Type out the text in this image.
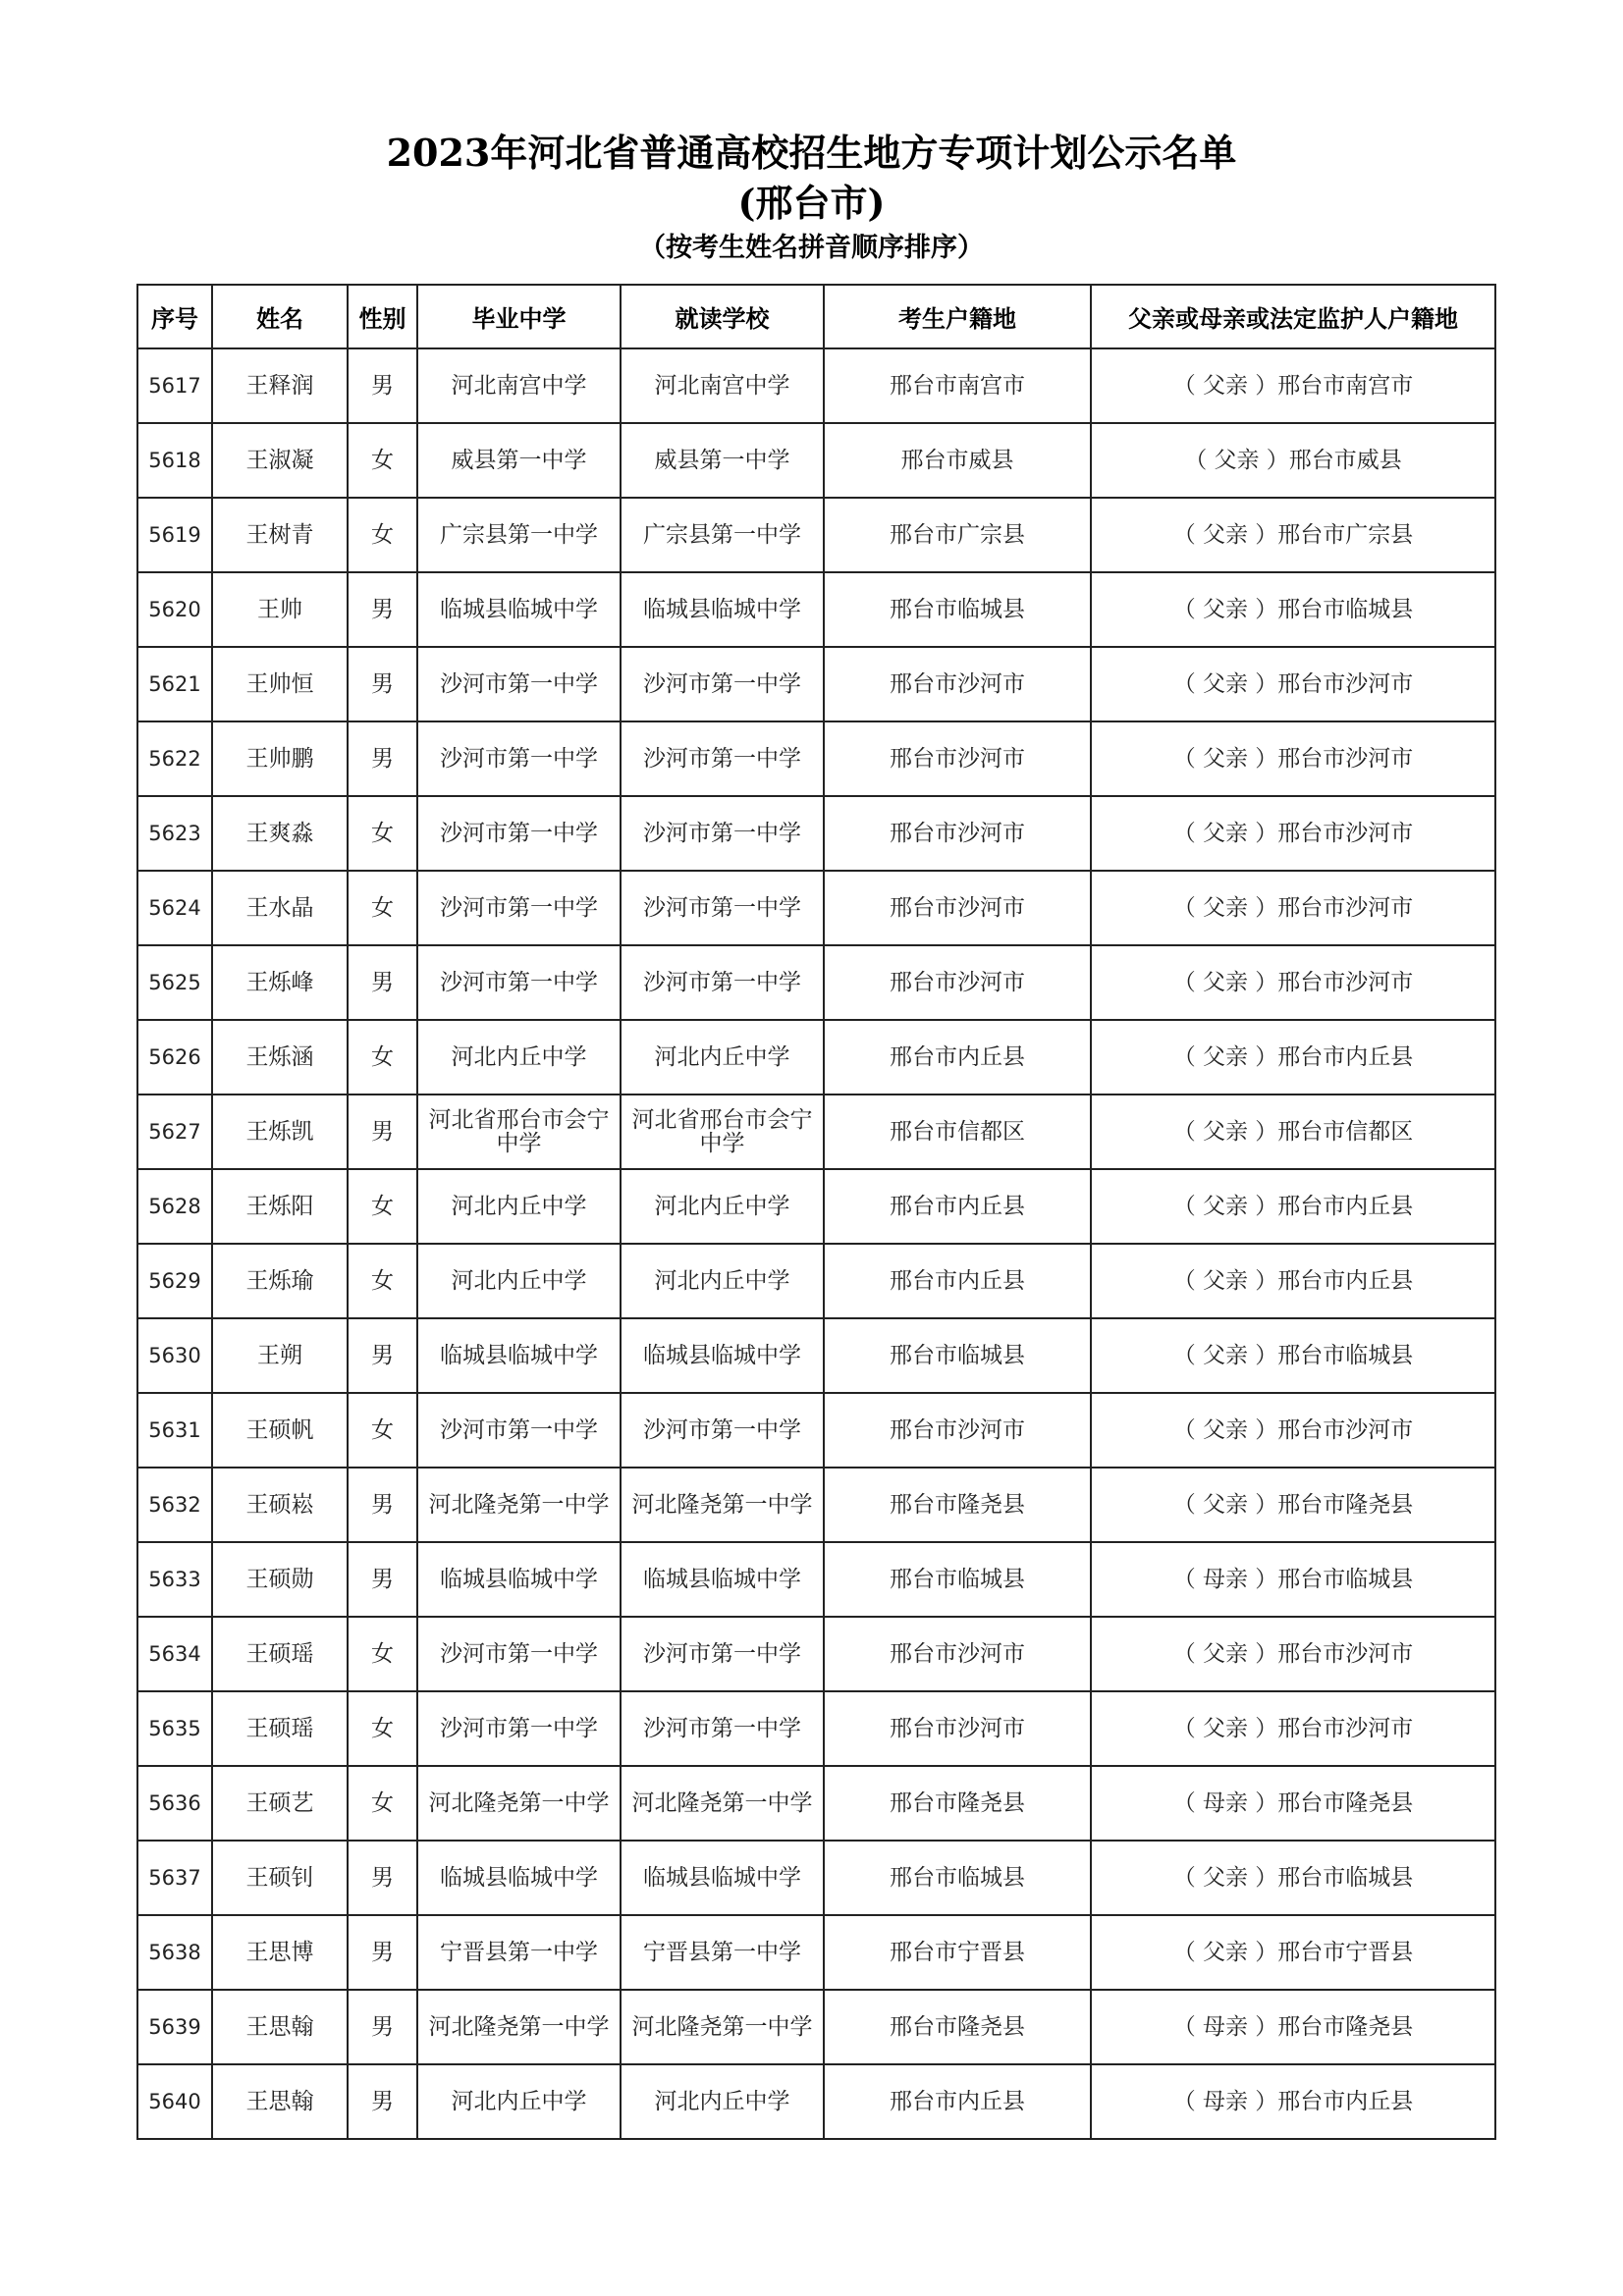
2023年河北省普通高校招生地方专项计划公示名单
(邢台市)
（按考生姓名拼音顺序排序）
序号	姓名	性别	毕业中学	就读学校	考生户籍地	父亲或母亲或法定监护人户籍地
5617	王释润	男	河北南宫中学	河北南宫中学	邢台市南宫市	（ 父亲 ）邢台市南宫市
5618	王淑凝	女	威县第一中学	威县第一中学	邢台市威县	（ 父亲 ）邢台市威县
5619	王树青	女	广宗县第一中学	广宗县第一中学	邢台市广宗县	（ 父亲 ）邢台市广宗县
5620	王帅	男	临城县临城中学	临城县临城中学	邢台市临城县	（ 父亲 ）邢台市临城县
5621	王帅恒	男	沙河市第一中学	沙河市第一中学	邢台市沙河市	（ 父亲 ）邢台市沙河市
5622	王帅鹏	男	沙河市第一中学	沙河市第一中学	邢台市沙河市	（ 父亲 ）邢台市沙河市
5623	王爽淼	女	沙河市第一中学	沙河市第一中学	邢台市沙河市	（ 父亲 ）邢台市沙河市
5624	王水晶	女	沙河市第一中学	沙河市第一中学	邢台市沙河市	（ 父亲 ）邢台市沙河市
5625	王烁峰	男	沙河市第一中学	沙河市第一中学	邢台市沙河市	（ 父亲 ）邢台市沙河市
5626	王烁涵	女	河北内丘中学	河北内丘中学	邢台市内丘县	（ 父亲 ）邢台市内丘县
5627	王烁凯	男	河北省邢台市会宁中学	河北省邢台市会宁中学	邢台市信都区	（ 父亲 ）邢台市信都区
5628	王烁阳	女	河北内丘中学	河北内丘中学	邢台市内丘县	（ 父亲 ）邢台市内丘县
5629	王烁瑜	女	河北内丘中学	河北内丘中学	邢台市内丘县	（ 父亲 ）邢台市内丘县
5630	王朔	男	临城县临城中学	临城县临城中学	邢台市临城县	（ 父亲 ）邢台市临城县
5631	王硕帆	女	沙河市第一中学	沙河市第一中学	邢台市沙河市	（ 父亲 ）邢台市沙河市
5632	王硕崧	男	河北隆尧第一中学	河北隆尧第一中学	邢台市隆尧县	（ 父亲 ）邢台市隆尧县
5633	王硕勋	男	临城县临城中学	临城县临城中学	邢台市临城县	（ 母亲 ）邢台市临城县
5634	王硕瑶	女	沙河市第一中学	沙河市第一中学	邢台市沙河市	（ 父亲 ）邢台市沙河市
5635	王硕瑶	女	沙河市第一中学	沙河市第一中学	邢台市沙河市	（ 父亲 ）邢台市沙河市
5636	王硕艺	女	河北隆尧第一中学	河北隆尧第一中学	邢台市隆尧县	（ 母亲 ）邢台市隆尧县
5637	王硕钊	男	临城县临城中学	临城县临城中学	邢台市临城县	（ 父亲 ）邢台市临城县
5638	王思博	男	宁晋县第一中学	宁晋县第一中学	邢台市宁晋县	（ 父亲 ）邢台市宁晋县
5639	王思翰	男	河北隆尧第一中学	河北隆尧第一中学	邢台市隆尧县	（ 母亲 ）邢台市隆尧县
5640	王思翰	男	河北内丘中学	河北内丘中学	邢台市内丘县	（ 母亲 ）邢台市内丘县
